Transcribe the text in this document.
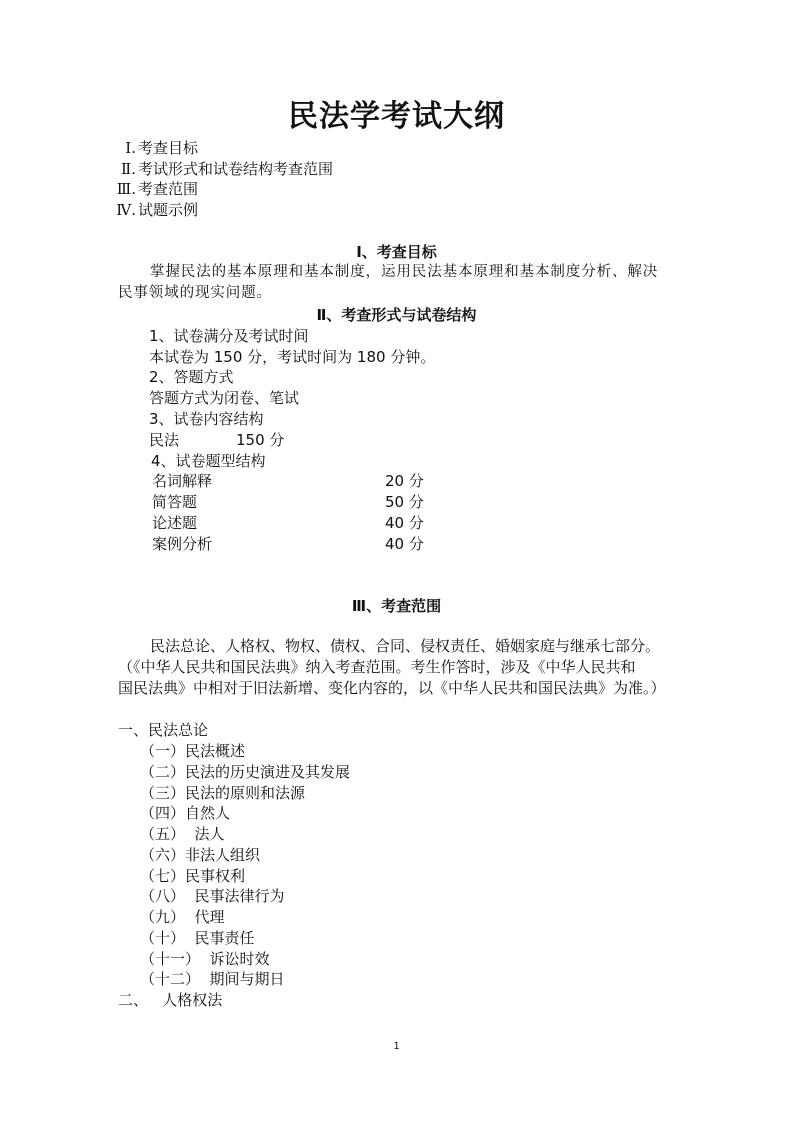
民法学考试大纲
Ⅰ. 考查目标
Ⅱ. 考试形式和试卷结构考查范围
Ⅲ. 考查范围
Ⅳ. 试题示例
Ⅰ、考查目标
掌握民法的基本原理和基本制度，运用民法基本原理和基本制度分析、解决
民事领域的现实问题。
Ⅱ、考查形式与试卷结构
1、试卷满分及考试时间
本试卷为 150 分，考试时间为 180 分钟。
2、答题方式
答题方式为闭卷、笔试
3、试卷内容结构
民法	150 分
4、试卷题型结构
名词解释	20 分
简答题	50 分
论述题	40 分
案例分析	40 分
Ⅲ、考查范围
民法总论、人格权、物权、债权、合同、侵权责任、婚姻家庭与继承七部分。
（《中华人民共和国民法典》纳入考查范围。考生作答时，涉及《中华人民共和
国民法典》中相对于旧法新增、变化内容的，以《中华人民共和国民法典》为准。）
一、民法总论
（一）民法概述
（二）民法的历史演进及其发展
（三）民法的原则和法源
（四）自然人
（五）  法人
（六）非法人组织
（七）民事权利
（八）  民事法律行为
（九）  代理
（十）  民事责任
（十一）  诉讼时效
（十二）  期间与期日
二、   人格权法
1
